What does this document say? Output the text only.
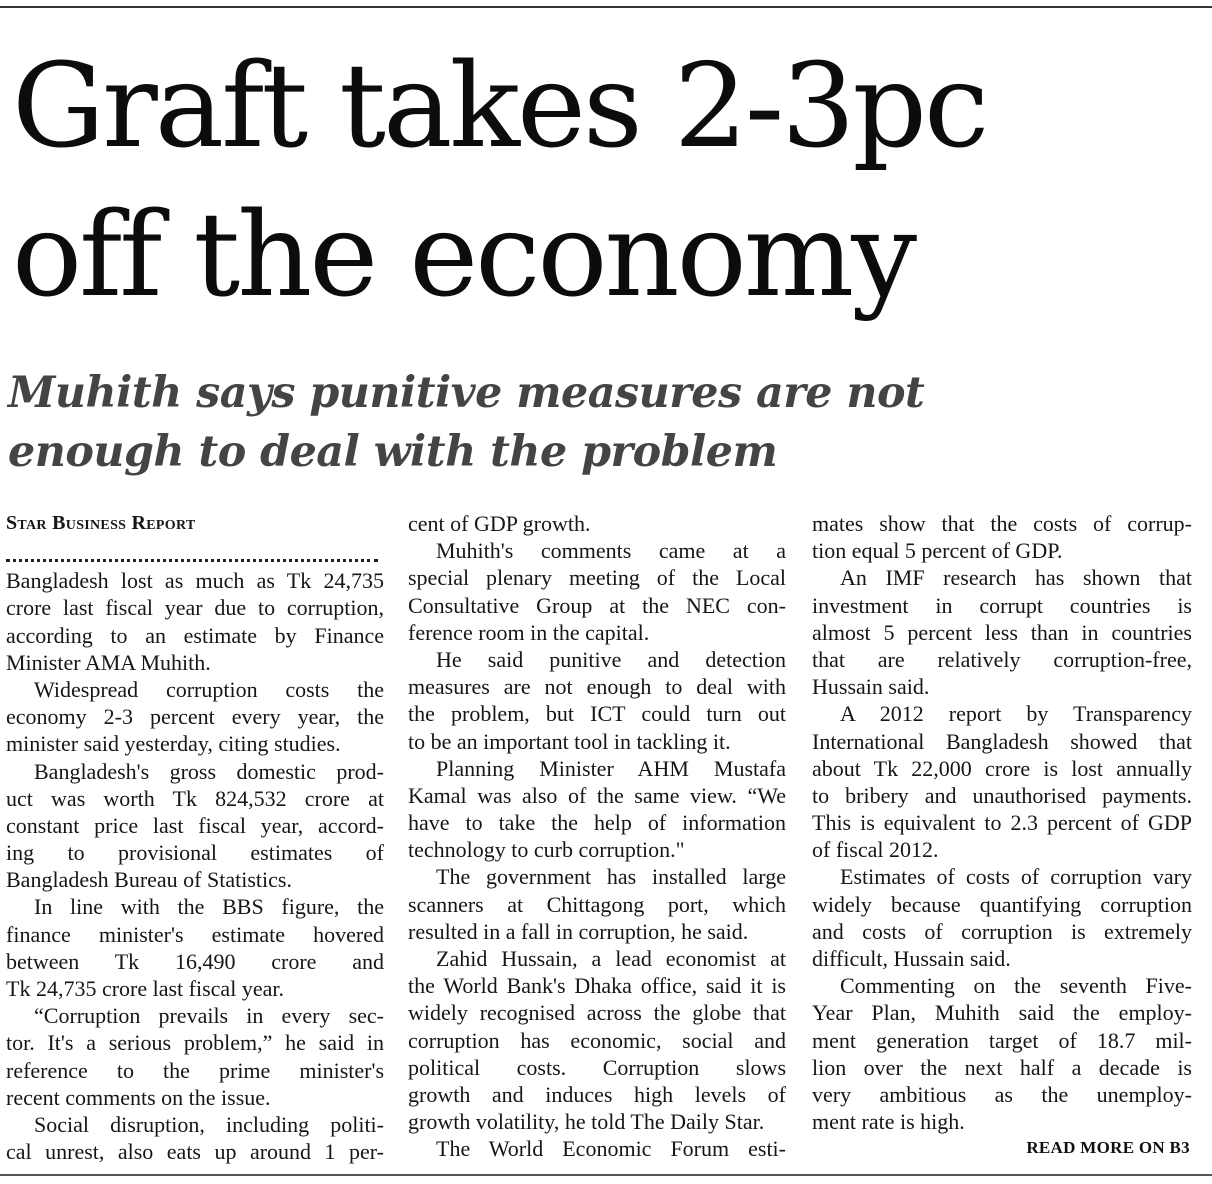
Graft takes 2-3pc
off the economy
Muhith says punitive measures are not
enough to deal with the problem
Star Business Report
Bangladesh lost as much as Tk 24,735
crore last fiscal year due to corruption,
according to an estimate by Finance
Minister AMA Muhith.
Widespread corruption costs the
economy 2-3 percent every year, the
minister said yesterday, citing studies.
Bangladesh's gross domestic prod-
uct was worth Tk 824,532 crore at
constant price last fiscal year, accord-
ing to provisional estimates of
Bangladesh Bureau of Statistics.
In line with the BBS figure, the
finance minister's estimate hovered
between Tk 16,490 crore and
Tk 24,735 crore last fiscal year.
“Corruption prevails in every sec-
tor. It's a serious problem,” he said in
reference to the prime minister's
recent comments on the issue.
Social disruption, including politi-
cal unrest, also eats up around 1 per-
cent of GDP growth.
Muhith's comments came at a
special plenary meeting of the Local
Consultative Group at the NEC con-
ference room in the capital.
He said punitive and detection
measures are not enough to deal with
the problem, but ICT could turn out
to be an important tool in tackling it.
Planning Minister AHM Mustafa
Kamal was also of the same view. “We
have to take the help of information
technology to curb corruption."
The government has installed large
scanners at Chittagong port, which
resulted in a fall in corruption, he said.
Zahid Hussain, a lead economist at
the World Bank's Dhaka office, said it is
widely recognised across the globe that
corruption has economic, social and
political costs. Corruption slows
growth and induces high levels of
growth volatility, he told The Daily Star.
The World Economic Forum esti-
mates show that the costs of corrup-
tion equal 5 percent of GDP.
An IMF research has shown that
investment in corrupt countries is
almost 5 percent less than in countries
that are relatively corruption-free,
Hussain said.
A 2012 report by Transparency
International Bangladesh showed that
about Tk 22,000 crore is lost annually
to bribery and unauthorised payments.
This is equivalent to 2.3 percent of GDP
of fiscal 2012.
Estimates of costs of corruption vary
widely because quantifying corruption
and costs of corruption is extremely
difficult, Hussain said.
Commenting on the seventh Five-
Year Plan, Muhith said the employ-
ment generation target of 18.7 mil-
lion over the next half a decade is
very ambitious as the unemploy-
ment rate is high.
READ MORE ON B3
